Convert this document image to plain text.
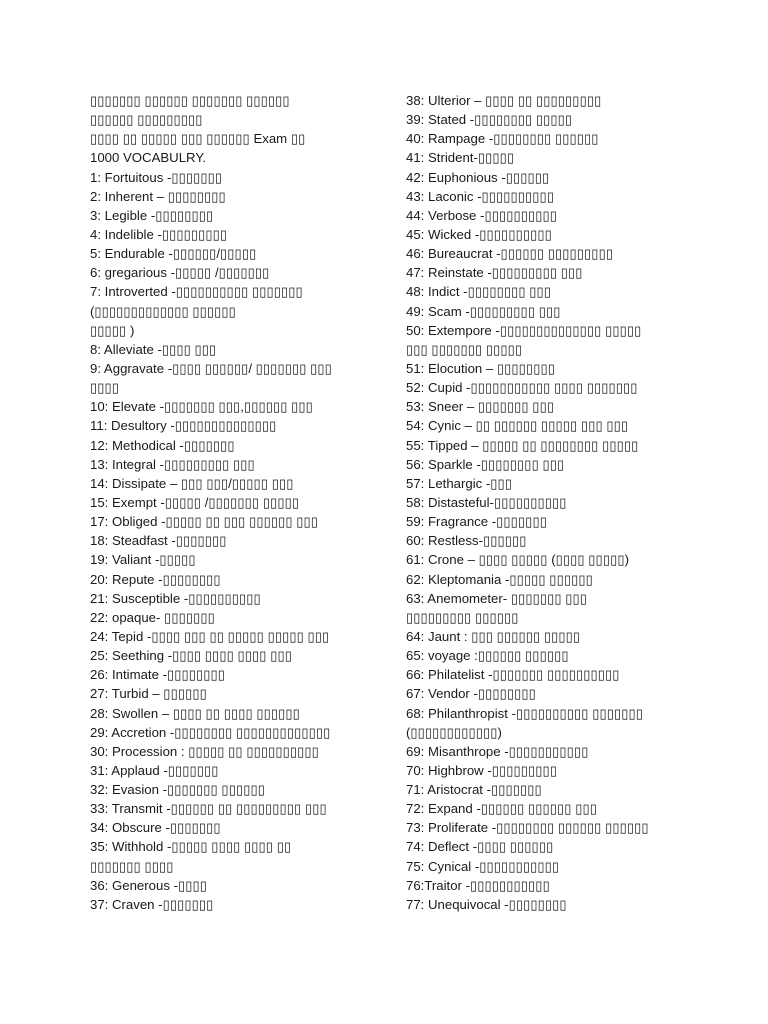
▯▯▯▯▯▯▯ ▯▯▯▯▯▯ ▯▯▯▯▯▯▯ ▯▯▯▯▯▯
▯▯▯▯▯▯ ▯▯▯▯▯▯▯▯▯
▯▯▯▯ ▯▯ ▯▯▯▯▯ ▯▯▯ ▯▯▯▯▯▯ Exam ▯▯
1000 VOCABULRY.
1: Fortuitous -▯▯▯▯▯▯▯
2: Inherent – ▯▯▯▯▯▯▯▯
3: Legible -▯▯▯▯▯▯▯▯
4: Indelible -▯▯▯▯▯▯▯▯▯
5: Endurable -▯▯▯▯▯▯/▯▯▯▯▯
6: gregarious -▯▯▯▯▯ /▯▯▯▯▯▯▯
7: Introverted -▯▯▯▯▯▯▯▯▯▯ ▯▯▯▯▯▯▯
(▯▯▯▯▯▯▯▯▯▯▯▯▯ ▯▯▯▯▯▯
▯▯▯▯▯ )
8: Alleviate -▯▯▯▯ ▯▯▯
9: Aggravate -▯▯▯▯ ▯▯▯▯▯▯/ ▯▯▯▯▯▯▯ ▯▯▯
▯▯▯▯
10: Elevate -▯▯▯▯▯▯▯ ▯▯▯,▯▯▯▯▯▯ ▯▯▯
11: Desultory -▯▯▯▯▯▯▯▯▯▯▯▯▯▯
12: Methodical -▯▯▯▯▯▯▯
13: Integral -▯▯▯▯▯▯▯▯▯ ▯▯▯
14: Dissipate – ▯▯▯ ▯▯▯/▯▯▯▯▯ ▯▯▯
15: Exempt -▯▯▯▯▯ /▯▯▯▯▯▯▯ ▯▯▯▯▯
17: Obliged -▯▯▯▯▯ ▯▯ ▯▯▯ ▯▯▯▯▯▯ ▯▯▯
18: Steadfast -▯▯▯▯▯▯▯
19: Valiant -▯▯▯▯▯
20: Repute -▯▯▯▯▯▯▯▯
21: Susceptible -▯▯▯▯▯▯▯▯▯▯
22: opaque- ▯▯▯▯▯▯▯
24: Tepid -▯▯▯▯ ▯▯▯ ▯▯ ▯▯▯▯▯ ▯▯▯▯▯ ▯▯▯
25: Seething -▯▯▯▯ ▯▯▯▯ ▯▯▯▯ ▯▯▯
26: Intimate -▯▯▯▯▯▯▯▯
27: Turbid – ▯▯▯▯▯▯
28: Swollen – ▯▯▯▯ ▯▯ ▯▯▯▯ ▯▯▯▯▯▯
29: Accretion -▯▯▯▯▯▯▯▯ ▯▯▯▯▯▯▯▯▯▯▯▯▯
30: Procession : ▯▯▯▯▯ ▯▯ ▯▯▯▯▯▯▯▯▯▯
31: Applaud -▯▯▯▯▯▯▯
32: Evasion -▯▯▯▯▯▯▯ ▯▯▯▯▯▯
33: Transmit -▯▯▯▯▯▯ ▯▯ ▯▯▯▯▯▯▯▯▯ ▯▯▯
34: Obscure -▯▯▯▯▯▯▯
35: Withhold -▯▯▯▯▯ ▯▯▯▯ ▯▯▯▯ ▯▯
▯▯▯▯▯▯▯ ▯▯▯▯
36: Generous -▯▯▯▯
37: Craven -▯▯▯▯▯▯▯
38: Ulterior – ▯▯▯▯ ▯▯ ▯▯▯▯▯▯▯▯▯
39: Stated -▯▯▯▯▯▯▯▯ ▯▯▯▯▯
40: Rampage -▯▯▯▯▯▯▯▯ ▯▯▯▯▯▯
41: Strident-▯▯▯▯▯
42: Euphonious -▯▯▯▯▯▯
43: Laconic -▯▯▯▯▯▯▯▯▯▯
44: Verbose -▯▯▯▯▯▯▯▯▯▯
45: Wicked -▯▯▯▯▯▯▯▯▯▯
46: Bureaucrat -▯▯▯▯▯▯ ▯▯▯▯▯▯▯▯▯
47: Reinstate -▯▯▯▯▯▯▯▯▯ ▯▯▯
48: Indict -▯▯▯▯▯▯▯▯ ▯▯▯
49: Scam -▯▯▯▯▯▯▯▯▯ ▯▯▯
50: Extempore -▯▯▯▯▯▯▯▯▯▯▯▯▯▯ ▯▯▯▯▯
▯▯▯ ▯▯▯▯▯▯▯ ▯▯▯▯▯
51: Elocution – ▯▯▯▯▯▯▯▯
52: Cupid -▯▯▯▯▯▯▯▯▯▯▯ ▯▯▯▯ ▯▯▯▯▯▯▯
53: Sneer – ▯▯▯▯▯▯▯ ▯▯▯
54: Cynic – ▯▯ ▯▯▯▯▯▯ ▯▯▯▯▯ ▯▯▯ ▯▯▯
55: Tipped – ▯▯▯▯▯ ▯▯ ▯▯▯▯▯▯▯▯ ▯▯▯▯▯
56: Sparkle -▯▯▯▯▯▯▯▯ ▯▯▯
57: Lethargic -▯▯▯
58: Distasteful-▯▯▯▯▯▯▯▯▯▯
59: Fragrance -▯▯▯▯▯▯▯
60: Restless-▯▯▯▯▯▯
61: Crone – ▯▯▯▯ ▯▯▯▯▯ (▯▯▯▯ ▯▯▯▯▯)
62: Kleptomania -▯▯▯▯▯ ▯▯▯▯▯▯
63: Anemometer- ▯▯▯▯▯▯▯ ▯▯▯
▯▯▯▯▯▯▯▯▯ ▯▯▯▯▯▯
64: Jaunt : ▯▯▯ ▯▯▯▯▯▯ ▯▯▯▯▯
65: voyage :▯▯▯▯▯▯ ▯▯▯▯▯▯
66: Philatelist -▯▯▯▯▯▯▯ ▯▯▯▯▯▯▯▯▯▯
67: Vendor -▯▯▯▯▯▯▯▯
68: Philanthropist -▯▯▯▯▯▯▯▯▯▯ ▯▯▯▯▯▯▯
(▯▯▯▯▯▯▯▯▯▯▯▯)
69: Misanthrope -▯▯▯▯▯▯▯▯▯▯▯
70: Highbrow -▯▯▯▯▯▯▯▯▯
71: Aristocrat -▯▯▯▯▯▯▯
72: Expand -▯▯▯▯▯▯ ▯▯▯▯▯▯ ▯▯▯
73: Proliferate -▯▯▯▯▯▯▯▯ ▯▯▯▯▯▯ ▯▯▯▯▯▯
74: Deflect -▯▯▯▯ ▯▯▯▯▯▯
75: Cynical -▯▯▯▯▯▯▯▯▯▯▯
76:Traitor -▯▯▯▯▯▯▯▯▯▯▯
77: Unequivocal -▯▯▯▯▯▯▯▯
